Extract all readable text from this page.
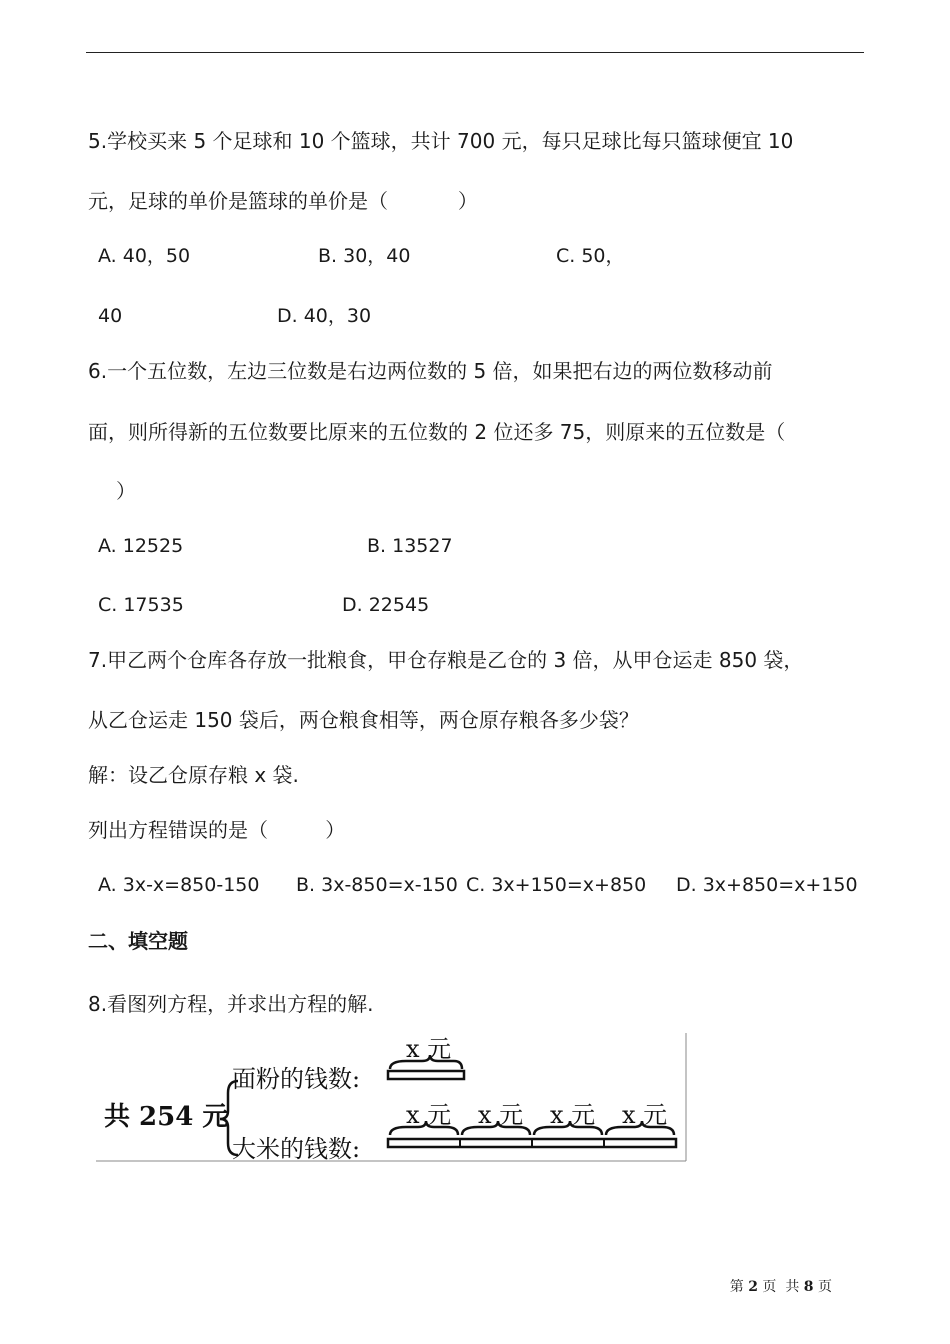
5.学校买来 5 个足球和 10 个篮球，共计 700 元，每只足球比每只篮球便宜 10
元，足球的单价是篮球的单价是（           ）
A. 40，50	B. 30，40	C. 50，
40	D. 40，30
6.一个五位数，左边三位数是右边两位数的 5 倍，如果把右边的两位数移动前
面，则所得新的五位数要比原来的五位数的 2 位还多 75，则原来的五位数是（
）
A. 12525	B. 13527
C. 17535	D. 22545
7.甲乙两个仓库各存放一批粮食，甲仓存粮是乙仓的 3 倍，从甲仓运走 850 袋，
从乙仓运走 150 袋后，两仓粮食相等，两仓原存粮各多少袋？
解：设乙仓原存粮 x 袋.
列出方程错误的是（         ）
A. 3x-x=850-150 B. 3x-850=x-150 C. 3x+150=x+850 D. 3x+850=x+150
二、填空题
8.看图列方程，并求出方程的解.
共 254 元
面粉的钱数:
大米的钱数:
x 元
x 元 x 元 x 元 x 元
第 2 页  共 8 页
